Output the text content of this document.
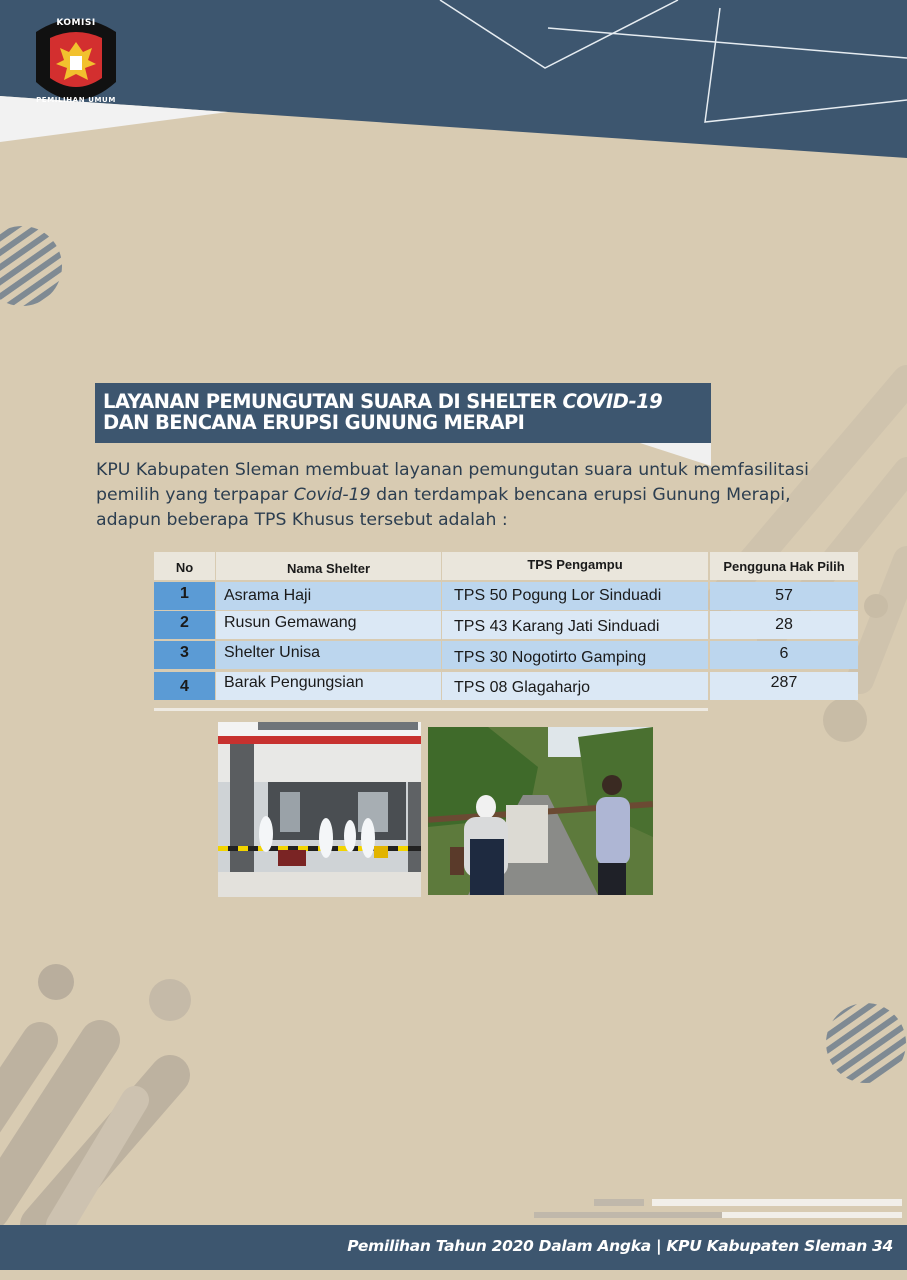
KOMISI
PEMILIHAN UMUM
LAYANAN PEMUNGUTAN SUARA DI SHELTER COVID-19
DAN BENCANA ERUPSI GUNUNG MERAPI
KPU Kabupaten Sleman membuat layanan pemungutan suara untuk memfasilitasi pemilih yang terpapar Covid-19 dan terdampak bencana erupsi Gunung Merapi, adapun beberapa TPS Khusus tersebut adalah :
No	Nama Shelter	TPS Pengampu	Pengguna Hak Pilih
1	Asrama Haji	TPS 50 Pogung Lor Sinduadi	57
2	Rusun Gemawang	TPS 43 Karang Jati Sinduadi	28
3	Shelter Unisa	TPS 30 Nogotirto Gamping	6
4	Barak Pengungsian	TPS 08 Glagaharjo	287
Pemilihan Tahun 2020 Dalam Angka | KPU Kabupaten Sleman 34
